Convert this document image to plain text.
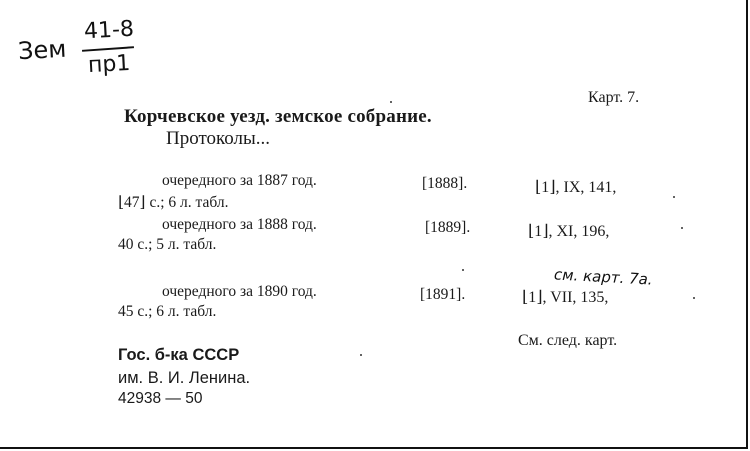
Зем
41-8
пр1
Карт. 7.
Корчевское уезд. земское собрание.
Протоколы...
очередного за 1887 год.	[1888].	⌊1⌋, IX, 141,
⌊47⌋ с.; 6 л. табл.
очередного за 1888 год.	[1889].	⌊1⌋, XI, 196,
40 с.; 5 л. табл.
см. карт. 7а.
очередного за 1890 год.	[1891].	⌊1⌋, VII, 135,
45 с.; 6 л. табл.
См. след. карт.
Гос. б-ка СССР
им. В. И. Ленина.
42938 — 50
